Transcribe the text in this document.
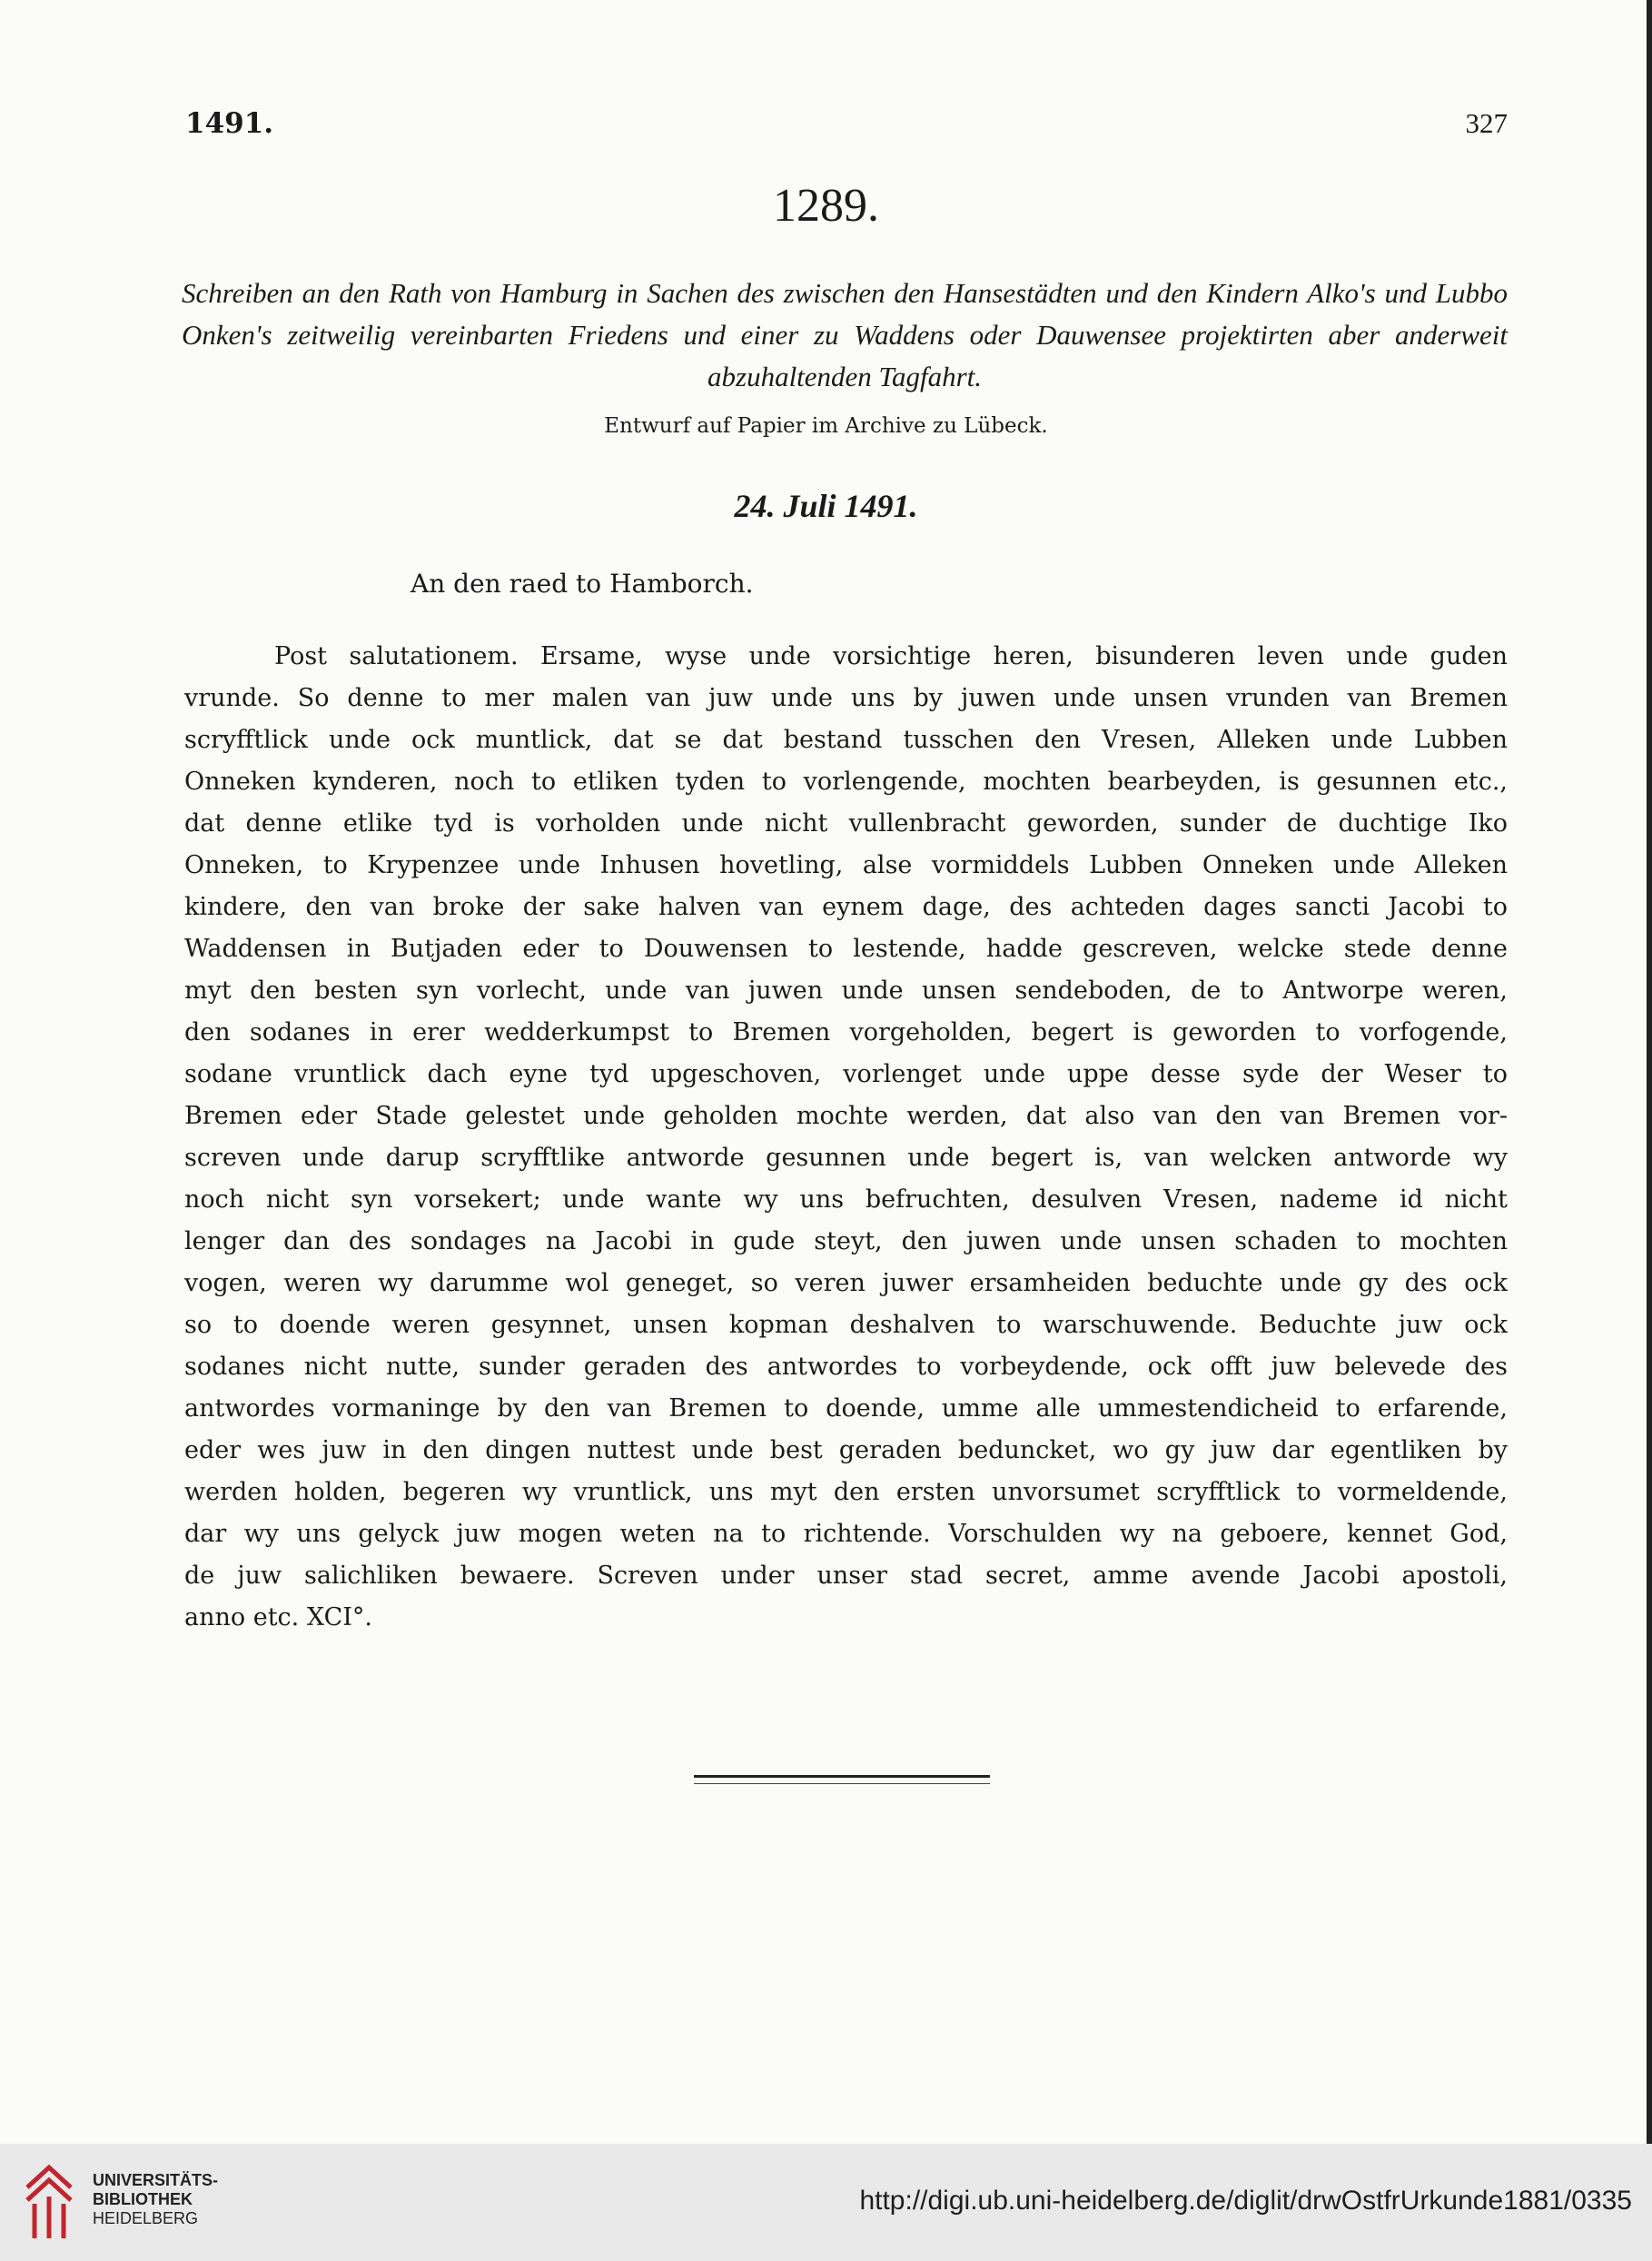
1491.	327
1289.
Schreiben an den Rath von Hamburg in Sachen des zwischen den Hansestädten und den Kindern Alko's und Lubbo Onken's zeitweilig vereinbarten Friedens und einer zu Waddens oder Dauwensee projektirten aber anderweit abzuhaltenden Tagfahrt.
Entwurf auf Papier im Archive zu Lübeck.
24. Juli 1491.
An den raed to Hamborch.
Post salutationem. Ersame, wyse unde vorsichtige heren, bisunderen leven unde guden
vrunde. So denne to mer malen van juw unde uns by juwen unde unsen vrunden van Bremen
scryfftlick unde ock muntlick, dat se dat bestand tusschen den Vresen, Alleken unde Lubben
Onneken kynderen, noch to etliken tyden to vorlengende, mochten bearbeyden, is gesunnen etc.,
dat denne etlike tyd is vorholden unde nicht vullenbracht geworden, sunder de duchtige Iko
Onneken, to Krypenzee unde Inhusen hovetling, alse vormiddels Lubben Onneken unde Alleken
kindere, den van broke der sake halven van eynem dage, des achteden dages sancti Jacobi to
Waddensen in Butjaden eder to Douwensen to lestende, hadde gescreven, welcke stede denne
myt den besten syn vorlecht, unde van juwen unde unsen sendeboden, de to Antworpe weren,
den sodanes in erer wedderkumpst to Bremen vorgeholden, begert is geworden to vorfogende,
sodane vruntlick dach eyne tyd upgeschoven, vorlenget unde uppe desse syde der Weser to
Bremen eder Stade gelestet unde geholden mochte werden, dat also van den van Bremen vor-
screven unde darup scryfftlike antworde gesunnen unde begert is, van welcken antworde wy
noch nicht syn vorsekert; unde wante wy uns befruchten, desulven Vresen, nademe id nicht
lenger dan des sondages na Jacobi in gude steyt, den juwen unde unsen schaden to mochten
vogen, weren wy darumme wol geneget, so veren juwer ersamheiden beduchte unde gy des ock
so to doende weren gesynnet, unsen kopman deshalven to warschuwende. Beduchte juw ock
sodanes nicht nutte, sunder geraden des antwordes to vorbeydende, ock offt juw belevede des
antwordes vormaninge by den van Bremen to doende, umme alle ummestendicheid to erfarende,
eder wes juw in den dingen nuttest unde best geraden beduncket, wo gy juw dar egentliken by
werden holden, begeren wy vruntlick, uns myt den ersten unvorsumet scryfftlick to vormeldende,
dar wy uns gelyck juw mogen weten na to richtende. Vorschulden wy na geboere, kennet God,
de juw salichliken bewaere. Screven under unser stad secret, amme avende Jacobi apostoli,
anno etc. XCI°.
UNIVERSITÄTS-
BIBLIOTHEK
HEIDELBERG
http://digi.ub.uni-heidelberg.de/diglit/drwOstfrUrkunde1881/0335
